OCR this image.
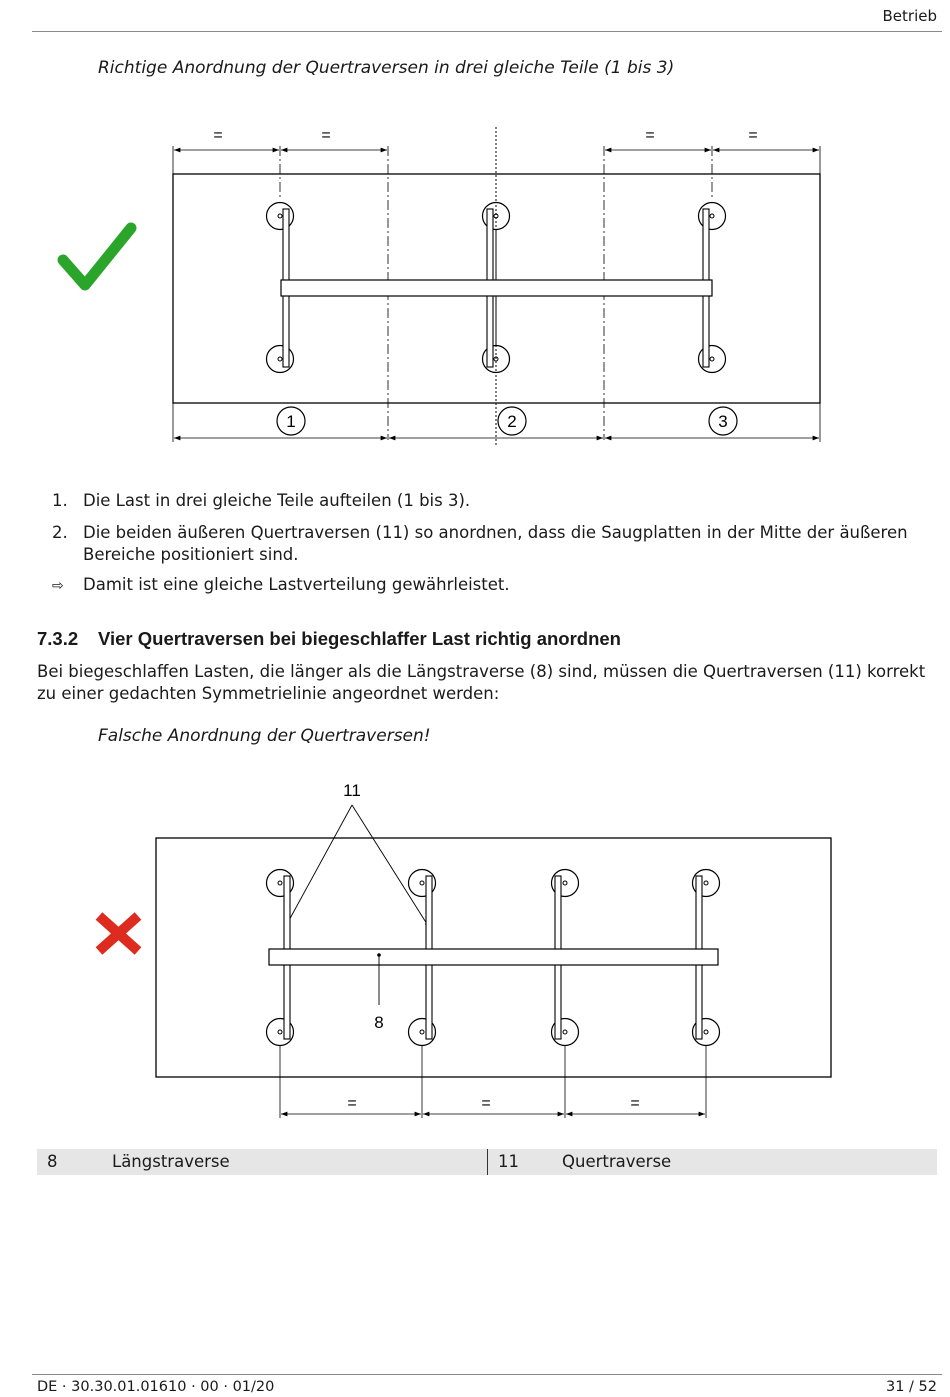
Betrieb
Richtige Anordnung der Quertraversen in drei gleiche Teile (1 bis 3)
=	=	=	=
1	2	3
1. Die Last in drei gleiche Teile aufteilen (1 bis 3).
2. Die beiden äußeren Quertraversen (11) so anordnen, dass die Saugplatten in der Mitte der äußeren Bereiche positioniert sind.
⇨ Damit ist eine gleiche Lastverteilung gewährleistet.
7.3.2 Vier Quertraversen bei biegeschlaffer Last richtig anordnen
Bei biegeschlaffen Lasten, die länger als die Längstraverse (8) sind, müssen die Quertraversen (11) korrekt zu einer gedachten Symmetrielinie angeordnet werden:
Falsche Anordnung der Quertraversen!
11
8
=	=	=
8	Längstraverse	11	Quertraverse
DE · 30.30.01.01610 · 00 · 01/20	31 / 52
